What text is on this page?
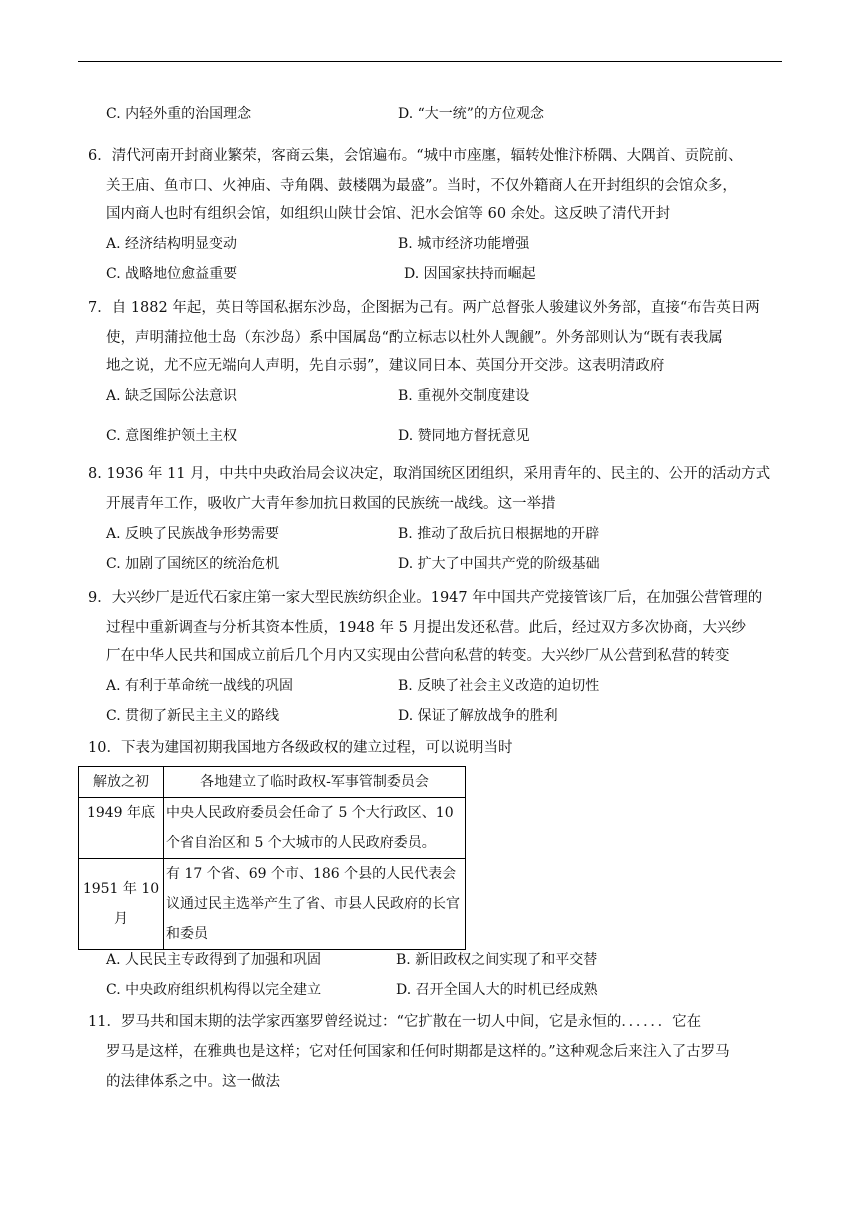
C. 内轻外重的治国理念	D. “大一统”的方位观念
6．清代河南开封商业繁荣，客商云集，会馆遍布。“城中市座廛，辐转处惟汴桥隅、大隅首、贡院前、
关王庙、鱼市口、火神庙、寺角隅、鼓楼隅为最盛”。当时，不仅外籍商人在开封组织的会馆众多，
国内商人也时有组织会馆，如组织山陕廿会馆、汜水会馆等 60 余处。这反映了清代开封
A. 经济结构明显变动	B. 城市经济功能增强
C. 战略地位愈益重要	D. 因国家扶持而崛起
7．自 1882 年起，英日等国私据东沙岛，企图据为己有。两广总督张人骏建议外务部，直接“布告英日两
使，声明蒲拉他士岛（东沙岛）系中国属岛“酌立标志以杜外人觊觎”。外务部则认为“既有表我属
地之说，尤不应无端向人声明，先自示弱”，建议同日本、英国分开交涉。这表明清政府
A. 缺乏国际公法意识	B. 重视外交制度建设
C. 意图维护领土主权	D. 赞同地方督抚意见
8. 1936 年 11 月，中共中央政治局会议决定，取消国统区团组织，采用青年的、民主的、公开的活动方式
开展青年工作，吸收广大青年参加抗日救国的民族统一战线。这一举措
A. 反映了民族战争形势需要	B. 推动了敌后抗日根据地的开辟
C. 加剧了国统区的统治危机	D. 扩大了中国共产党的阶级基础
9．大兴纱厂是近代石家庄第一家大型民族纺织企业。1947 年中国共产党接管该厂后，在加强公营管理的
过程中重新调查与分析其资本性质，1948 年 5 月提出发还私营。此后，经过双方多次协商，大兴纱
厂在中华人民共和国成立前后几个月内又实现由公营向私营的转变。大兴纱厂从公营到私营的转变
A. 有利于革命统一战线的巩固	B. 反映了社会主义改造的迫切性
C. 贯彻了新民主主义的路线	D. 保证了解放战争的胜利
10．下表为建国初期我国地方各级政权的建立过程，可以说明当时
解放之初	各地建立了临时政权-军事管制委员会
1949 年底	中央人民政府委员会任命了 5 个大行政区、10 个省自治区和 5 个大城市的人民政府委员。
1951 年 10 月	有 17 个省、69 个市、186 个县的人民代表会议通过民主选举产生了省、市县人民政府的长官和委员
A. 人民民主专政得到了加强和巩固	B. 新旧政权之间实现了和平交替
C. 中央政府组织机构得以完全建立	D. 召开全国人大的时机已经成熟
11．罗马共和国末期的法学家西塞罗曾经说过：“它扩散在一切人中间，它是永恒的．．．．．．它在
罗马是这样，在雅典也是这样；它对任何国家和任何时期都是这样的。”这种观念后来注入了古罗马
的法律体系之中。这一做法
